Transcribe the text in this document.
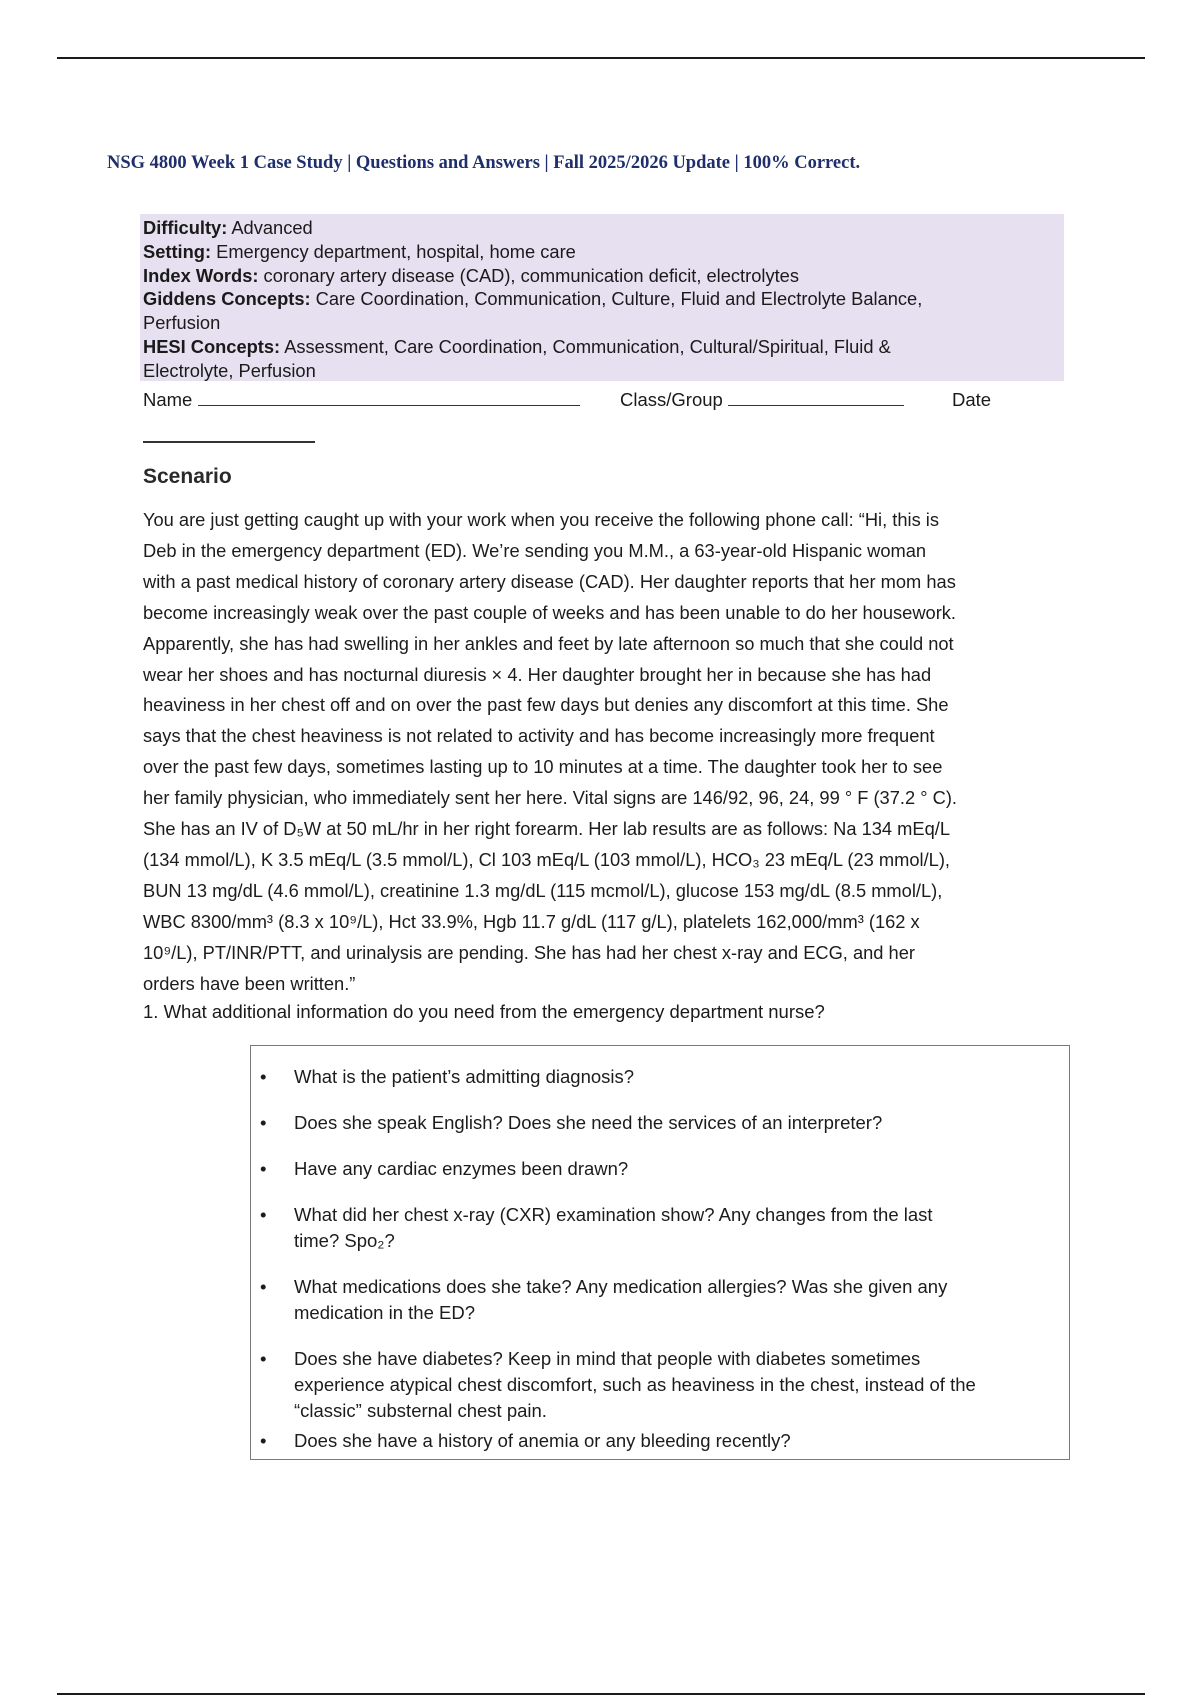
NSG 4800 Week 1 Case Study | Questions and Answers | Fall 2025/2026 Update | 100% Correct.
Difficulty: Advanced
Setting: Emergency department, hospital, home care
Index Words: coronary artery disease (CAD), communication deficit, electrolytes
Giddens Concepts: Care Coordination, Communication, Culture, Fluid and Electrolyte Balance,
Perfusion
HESI Concepts: Assessment, Care Coordination, Communication, Cultural/Spiritual, Fluid &
Electrolyte, Perfusion
Name	Class/Group	Date
Scenario
You are just getting caught up with your work when you receive the following phone call: “Hi, this is
Deb in the emergency department (ED). We’re sending you M.M., a 63-year-old Hispanic woman
with a past medical history of coronary artery disease (CAD). Her daughter reports that her mom has
become increasingly weak over the past couple of weeks and has been unable to do her housework.
Apparently, she has had swelling in her ankles and feet by late afternoon so much that she could not
wear her shoes and has nocturnal diuresis × 4. Her daughter brought her in because she has had
heaviness in her chest off and on over the past few days but denies any discomfort at this time. She
says that the chest heaviness is not related to activity and has become increasingly more frequent
over the past few days, sometimes lasting up to 10 minutes at a time. The daughter took her to see
her family physician, who immediately sent her here. Vital signs are 146/92, 96, 24, 99 ° F (37.2 ° C).
She has an IV of D₅W at 50 mL/hr in her right forearm. Her lab results are as follows: Na 134 mEq/L
(134 mmol/L), K 3.5 mEq/L (3.5 mmol/L), Cl 103 mEq/L (103 mmol/L), HCO₃ 23 mEq/L (23 mmol/L),
BUN 13 mg/dL (4.6 mmol/L), creatinine 1.3 mg/dL (115 mcmol/L), glucose 153 mg/dL (8.5 mmol/L),
WBC 8300/mm³ (8.3 x 10⁹/L), Hct 33.9%, Hgb 11.7 g/dL (117 g/L), platelets 162,000/mm³ (162 x
10⁹/L), PT/INR/PTT, and urinalysis are pending. She has had her chest x-ray and ECG, and her
orders have been written.”
1. What additional information do you need from the emergency department nurse?
• What is the patient’s admitting diagnosis?
• Does she speak English? Does she need the services of an interpreter?
• Have any cardiac enzymes been drawn?
• What did her chest x-ray (CXR) examination show? Any changes from the last
time? Spo₂?
• What medications does she take? Any medication allergies? Was she given any
medication in the ED?
• Does she have diabetes? Keep in mind that people with diabetes sometimes
experience atypical chest discomfort, such as heaviness in the chest, instead of the
“classic” substernal chest pain.
• Does she have a history of anemia or any bleeding recently?
